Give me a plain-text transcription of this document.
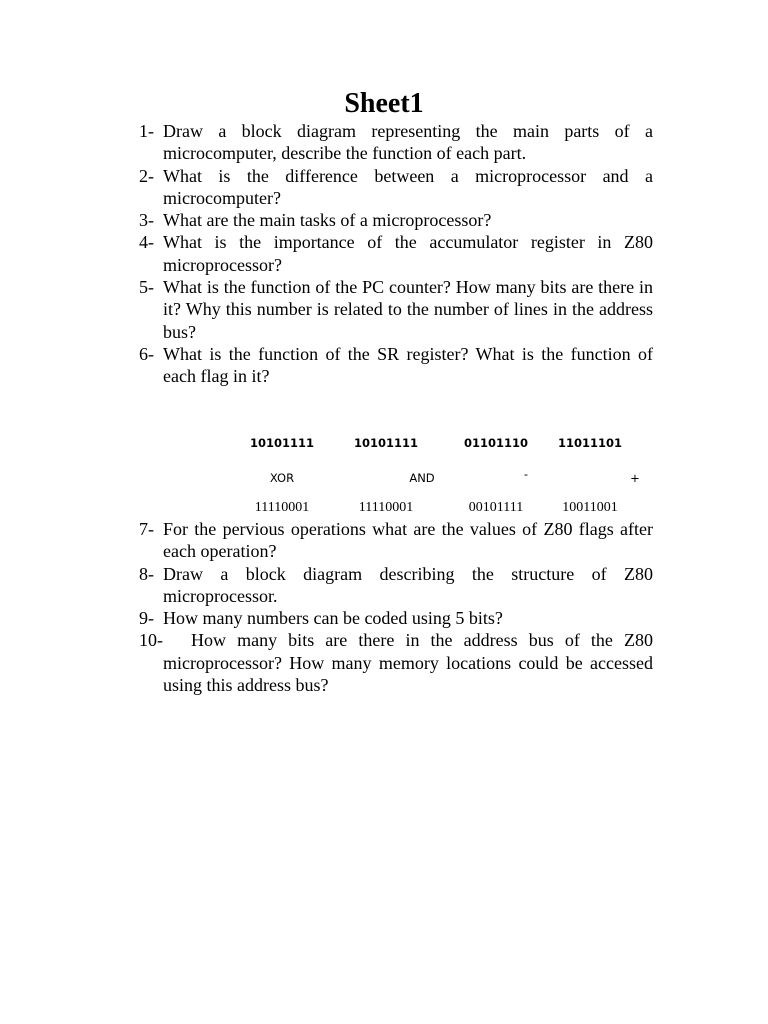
Sheet1
1- Draw a block diagram representing the main parts of a microcomputer, describe the function of each part.
2- What is the difference between a microprocessor and a microcomputer?
3- What are the main tasks of a microprocessor?
4- What is the importance of the accumulator register in Z80 microprocessor?
5- What is the function of the PC counter? How many bits are there in it? Why this number is related to the number of lines in the address bus?
6- What is the function of the SR register? What is the function of each flag in it?
10101111
XOR
11110001
10101111
AND
11110001
01101110
-
00101111
11011101
+
10011001
7- For the pervious operations what are the values of Z80 flags after each operation?
8- Draw a block diagram describing the structure of Z80 microprocessor.
9- How many numbers can be coded using 5 bits?
10-	How many bits are there in the address bus of the Z80 microprocessor? How many memory locations could be accessed using this address bus?
